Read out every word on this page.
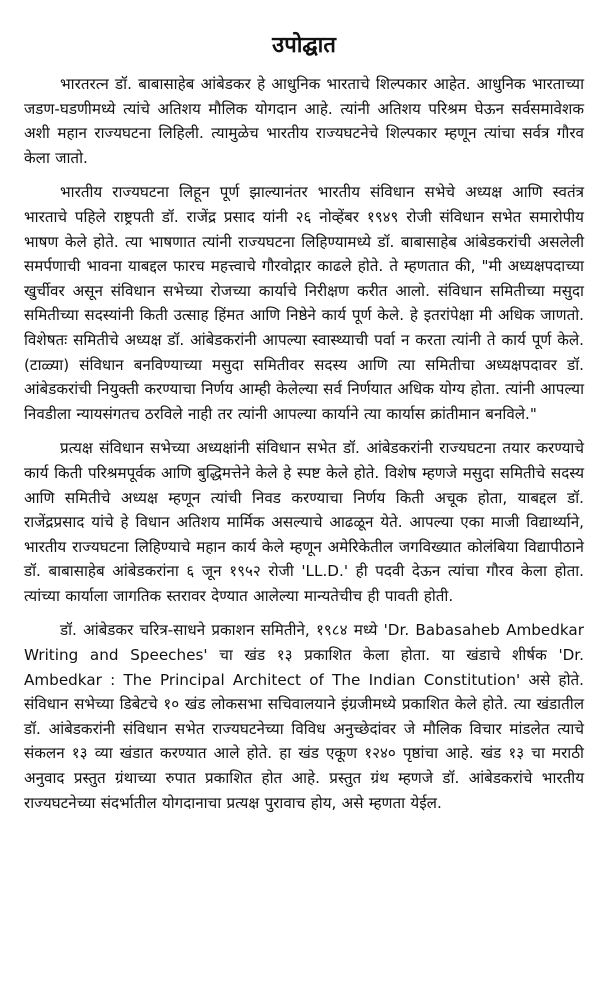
उपोद्घात

भारतरत्न डॉ. बाबासाहेब आंबेडकर हे आधुनिक भारताचे शिल्पकार आहेत. आधुनिक भारताच्या जडण-घडणीमध्ये त्यांचे अतिशय मौलिक योगदान आहे. त्यांनी अतिशय परिश्रम घेऊन सर्वसमावेशक अशी महान राज्यघटना लिहिली. त्यामुळेच भारतीय राज्यघटनेचे शिल्पकार म्हणून त्यांचा सर्वत्र गौरव केला जातो.

भारतीय राज्यघटना लिहून पूर्ण झाल्यानंतर भारतीय संविधान सभेचे अध्यक्ष आणि स्वतंत्र भारताचे पहिले राष्ट्रपती डॉ. राजेंद्र प्रसाद यांनी २६ नोव्हेंबर १९४९ रोजी संविधान सभेत समारोपीय भाषण केले होते. त्या भाषणात त्यांनी राज्यघटना लिहिण्यामध्ये डॉ. बाबासाहेब आंबेडकरांची असलेली समर्पणाची भावना याबद्दल फारच महत्त्वाचे गौरवोद्गार काढले होते. ते म्हणतात की, "मी अध्यक्षपदाच्या खुर्चीवर असून संविधान सभेच्या रोजच्या कार्याचे निरीक्षण करीत आलो. संविधान समितीच्या मसुदा समितीच्या सदस्यांनी किती उत्साह हिंमत आणि निष्ठेने कार्य पूर्ण केले. हे इतरांपेक्षा मी अधिक जाणतो. विशेषतः समितीचे अध्यक्ष डॉ. आंबेडकरांनी आपल्या स्वास्थ्याची पर्वा न करता त्यांनी ते कार्य पूर्ण केले. (टाळ्या) संविधान बनविण्याच्या मसुदा समितीवर सदस्य आणि त्या समितीचा अध्यक्षपदावर डॉ. आंबेडकरांची नियुक्ती करण्याचा निर्णय आम्ही केलेल्या सर्व निर्णयात अधिक योग्य होता. त्यांनी आपल्या निवडीला न्यायसंगतच ठरविले नाही तर त्यांनी आपल्या कार्याने त्या कार्यास क्रांतीमान बनविले."

प्रत्यक्ष संविधान सभेच्या अध्यक्षांनी संविधान सभेत डॉ. आंबेडकरांनी राज्यघटना तयार करण्याचे कार्य किती परिश्रमपूर्वक आणि बुद्धिमत्तेने केले हे स्पष्ट केले होते. विशेष म्हणजे मसुदा समितीचे सदस्य आणि समितीचे अध्यक्ष म्हणून त्यांची निवड करण्याचा निर्णय किती अचूक होता, याबद्दल डॉ. राजेंद्रप्रसाद यांचे हे विधान अतिशय मार्मिक असल्याचे आढळून येते. आपल्या एका माजी विद्यार्थ्याने, भारतीय राज्यघटना लिहिण्याचे महान कार्य केले म्हणून अमेरिकेतील जगविख्यात कोलंबिया विद्यापीठाने डॉ. बाबासाहेब आंबेडकरांना ६ जून १९५२ रोजी 'LL.D.' ही पदवी देऊन त्यांचा गौरव केला होता. त्यांच्या कार्याला जागतिक स्तरावर देण्यात आलेल्या मान्यतेचीच ही पावती होती.

डॉ. आंबेडकर चरित्र-साधने प्रकाशन समितीने, १९८४ मध्ये 'Dr. Babasaheb Ambedkar Writing and Speeches' चा खंड १३ प्रकाशित केला होता. या खंडाचे शीर्षक 'Dr. Ambedkar : The Principal Architect of The Indian Constitution' असे होते. संविधान सभेच्या डिबेटचे १० खंड लोकसभा सचिवालयाने इंग्रजीमध्ये प्रकाशित केले होते. त्या खंडातील डॉ. आंबेडकरांनी संविधान सभेत राज्यघटनेच्या विविध अनुच्छेदांवर जे मौलिक विचार मांडलेत त्याचे संकलन १३ व्या खंडात करण्यात आले होते. हा खंड एकूण १२४० पृष्ठांचा आहे. खंड १३ चा मराठी अनुवाद प्रस्तुत ग्रंथाच्या रुपात प्रकाशित होत आहे. प्रस्तुत ग्रंथ म्हणजे डॉ. आंबेडकरांचे भारतीय राज्यघटनेच्या संदर्भातील योगदानाचा प्रत्यक्ष पुरावाच होय, असे म्हणता येईल.
